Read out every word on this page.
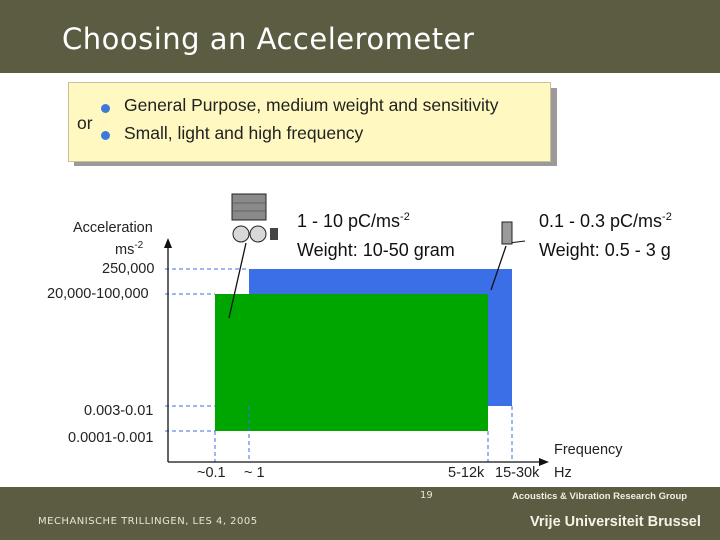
Choosing an Accelerometer
General Purpose, medium weight and sensitivity
or Small, light and high frequency
Acceleration
$ms^{-2}$
250,000
20,000-100,000
0.003-0.01
0.0001-0.001
Frequency
Hz
~0.1 ~ 1	5-12k 15-30k
1 - 10 $pC/ms^{-2}$
Weight: 10-50 gram
0.1 - 0.3 $pC/ms^{-2}$
Weight: 0.5 - 3 g
19	Acoustics & Vibration Research Group
MECHANISCHE TRILLINGEN, LES 4, 2005	Vrije Universiteit Brussel
